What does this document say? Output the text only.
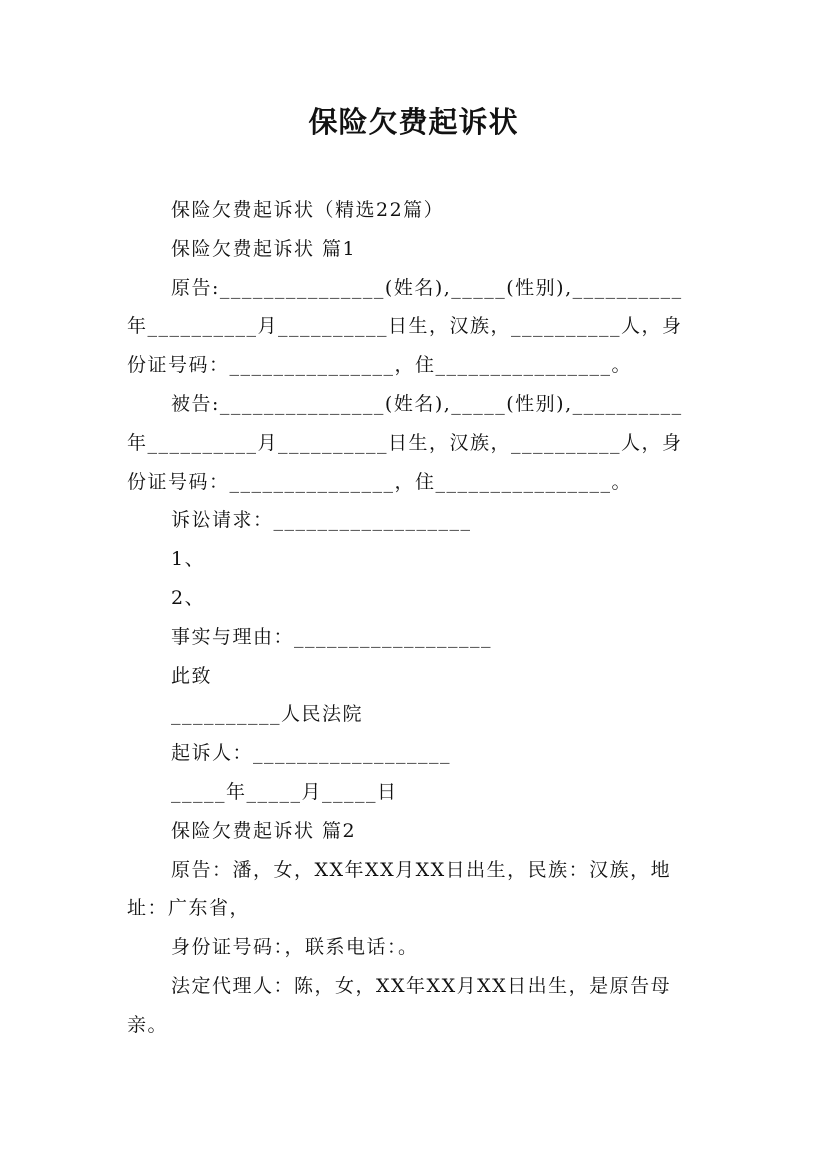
保险欠费起诉状

保险欠费起诉状（精选22篇）

保险欠费起诉状 篇1

原告:_______________(姓名),_____(性别),__________

年__________月__________日生，汉族，__________人，身

份证号码：_______________，住________________。

被告:_______________(姓名),_____(性别),__________

年__________月__________日生，汉族，__________人，身

份证号码：_______________，住________________。

诉讼请求：__________________

1、

2、

事实与理由：__________________

此致

__________人民法院

起诉人：__________________

_____年_____月_____日

保险欠费起诉状 篇2

原告：潘，女，XX年XX月XX日出生，民族：汉族，地

址：广东省，

身份证号码：，联系电话：。

法定代理人：陈，女，XX年XX月XX日出生，是原告母

亲。
